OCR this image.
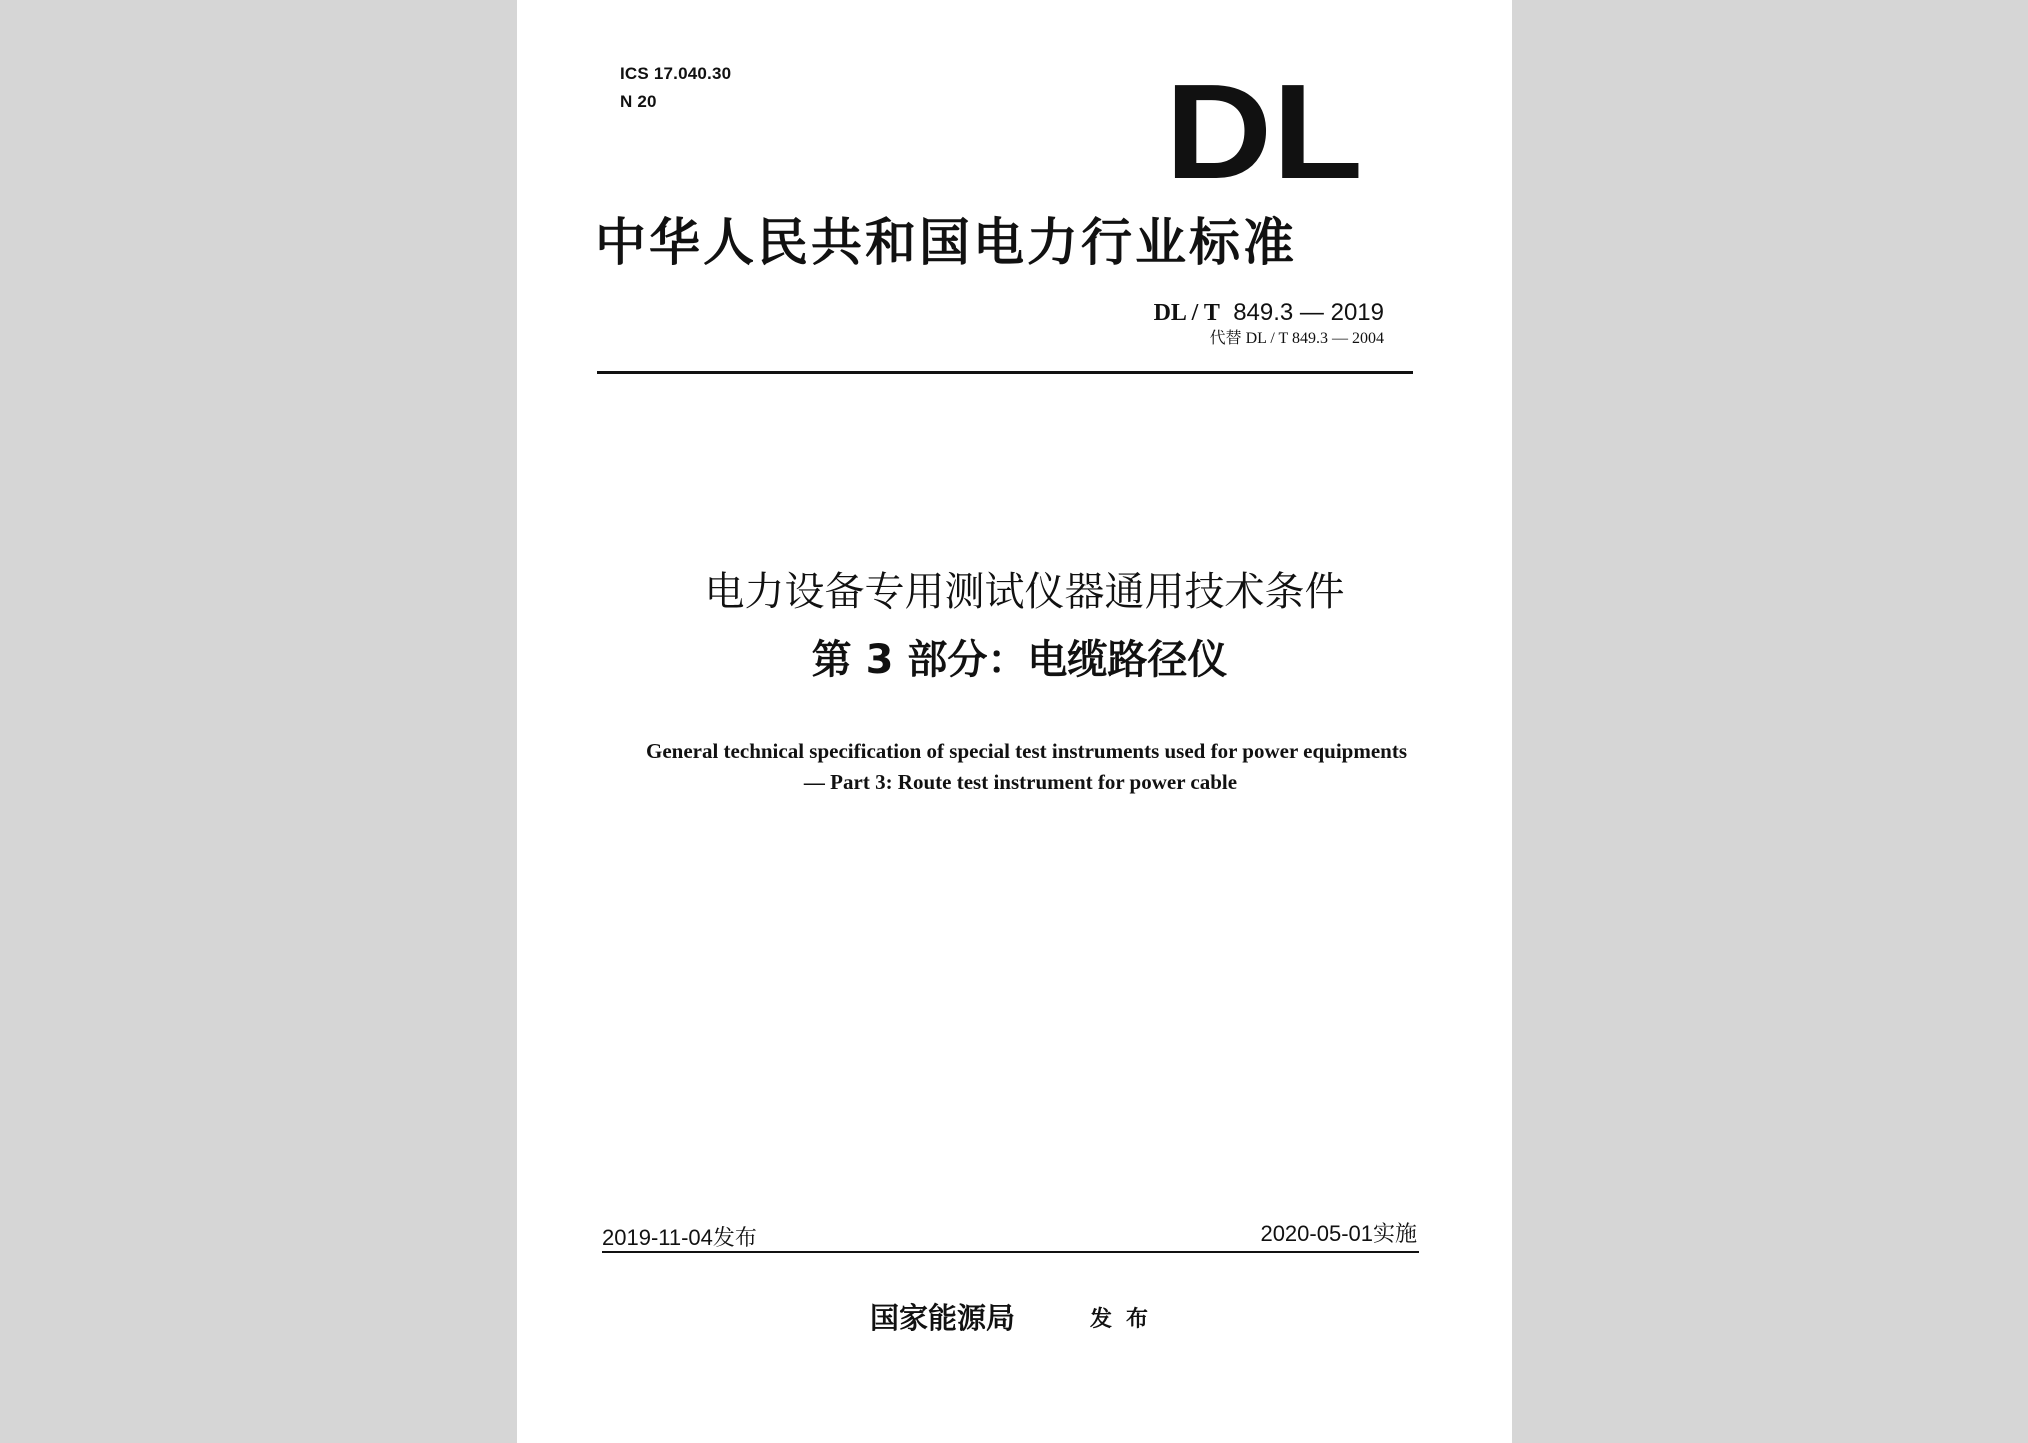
ICS 17.040.30
N 20	DL
中华人民共和国电力行业标准
DL / T 849.3 — 2019
代替 DL / T 849.3 — 2004
电力设备专用测试仪器通用技术条件
第 3 部分：电缆路径仪
General technical specification of special test instruments used for power equipments
— Part 3: Route test instrument for power cable
2019-11-04发布	2020-05-01实施
国家能源局	发布
